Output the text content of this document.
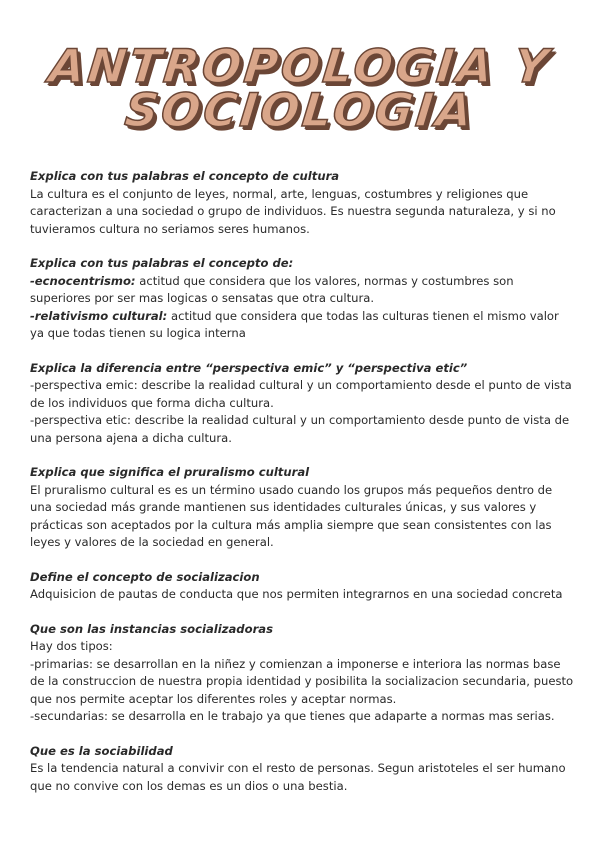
ANTROPOLOGIA Y
SOCIOLOGIA
Explica con tus palabras el concepto de cultura
La cultura es el conjunto de leyes, normal, arte, lenguas, costumbres y religiones que caracterizan a una sociedad o grupo de individuos. Es nuestra segunda naturaleza, y si no tuvieramos cultura no seriamos seres humanos.
Explica con tus palabras el concepto de:
-ecnocentrismo: actitud que considera que los valores, normas y costumbres son superiores por ser mas logicas o sensatas que otra cultura.
-relativismo cultural: actitud que considera que todas las culturas tienen el mismo valor ya que todas tienen su logica interna
Explica la diferencia entre “perspectiva emic” y “perspectiva etic”
-perspectiva emic: describe la realidad cultural y un comportamiento desde el punto de vista de los individuos que forma dicha cultura.
-perspectiva etic: describe la realidad cultural y un comportamiento desde punto de vista de una persona ajena a dicha cultura.
Explica que significa el pruralismo cultural
El pruralismo cultural es es un término usado cuando los grupos más pequeños dentro de una sociedad más grande mantienen sus identidades culturales únicas, y sus valores y prácticas son aceptados por la cultura más amplia siempre que sean consistentes con las leyes y valores de la sociedad en general.
Define el concepto de socializacion
Adquisicion de pautas de conducta que nos permiten integrarnos en una sociedad concreta
Que son las instancias socializadoras
Hay dos tipos:
-primarias: se desarrollan en la niñez y comienzan a imponerse e interiora las normas base de la construccion de nuestra propia identidad y posibilita la socializacion secundaria, puesto que nos permite aceptar los diferentes roles y aceptar normas.
-secundarias: se desarrolla en le trabajo ya que tienes que adaparte a normas mas serias.
Que es la sociabilidad
Es la tendencia natural a convivir con el resto de personas. Segun aristoteles el ser humano que no convive con los demas es un dios o una bestia.
